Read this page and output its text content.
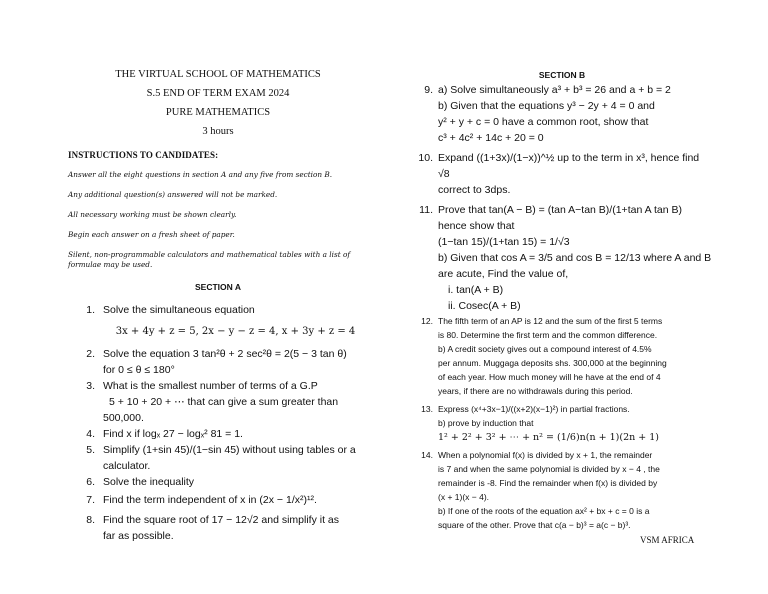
THE VIRTUAL SCHOOL OF MATHEMATICS
S.5 END OF TERM EXAM 2024
PURE MATHEMATICS
3 hours
INSTRUCTIONS TO CANDIDATES:
Answer all the eight questions in section A and any five from section B.
Any additional question(s) answered will not be marked.
All necessary working must be shown clearly.
Begin each answer on a fresh sheet of paper.
Silent, non-programmable calculators and mathematical tables with a list of formulae may be used.
SECTION A
1. Solve the simultaneous equation
3x + 4y + z = 5, 2x − y − z = 4, x + 3y + z = 4
2. Solve the equation 3 tan²θ + 2 sec²θ = 2(5 − 3 tan θ)
for 0 ≤ θ ≤ 180°
3. What is the smallest number of terms of a G.P
5 + 10 + 20 + ⋯ that can give a sum greater than
500,000.
4. Find x if logₓ 27 − logₓ² 81 = 1.
5. Simplify (1+sin 45)/(1−sin 45) without using tables or a calculator.
6. Solve the inequality
7. Find the term independent of x in (2x − 1/x²)¹².
8. Find the square root of 17 − 12√2 and simplify it as
far as possible.
SECTION B
9. a) Solve simultaneously a³ + b³ = 26 and a + b = 2
b) Given that the equations y³ − 2y + 4 = 0 and
y² + y + c = 0 have a common root, show that
c³ + 4c² + 14c + 20 = 0
10. Expand ((1+3x)/(1−x))^½ up to the term in x³, hence find √8
correct to 3dps.
11. Prove that tan(A − B) = (tan A−tan B)/(1+tan A tan B) hence show that
(1−tan 15)/(1+tan 15) = 1/√3
b) Given that cos A = 3/5 and cos B = 12/13 where A and B
are acute, Find the value of,
i. tan(A + B)
ii. Cosec(A + B)
12. The fifth term of an AP is 12 and the sum of the first 5 terms
is 80. Determine the first term and the common difference.
b) A credit society gives out a compound interest of 4.5%
per annum. Muggaga deposits shs. 300,000 at the beginning
of each year. How much money will he have at the end of 4
years, if there are no withdrawals during this period.
13. Express (x⁴+3x−1)/((x+2)(x−1)²) in partial fractions.
b) prove by induction that
1² + 2² + 3² + ⋯ + n² = (1/6)n(n + 1)(2n + 1)
14. When a polynomial f(x) is divided by x + 1, the remainder
is 7 and when the same polynomial is divided by x − 4 , the
remainder is -8. Find the remainder when f(x) is divided by
(x + 1)(x − 4).
b) If one of the roots of the equation ax² + bx + c = 0 is a
square of the other. Prove that c(a − b)³ = a(c − b)³.
VSM AFRICA
